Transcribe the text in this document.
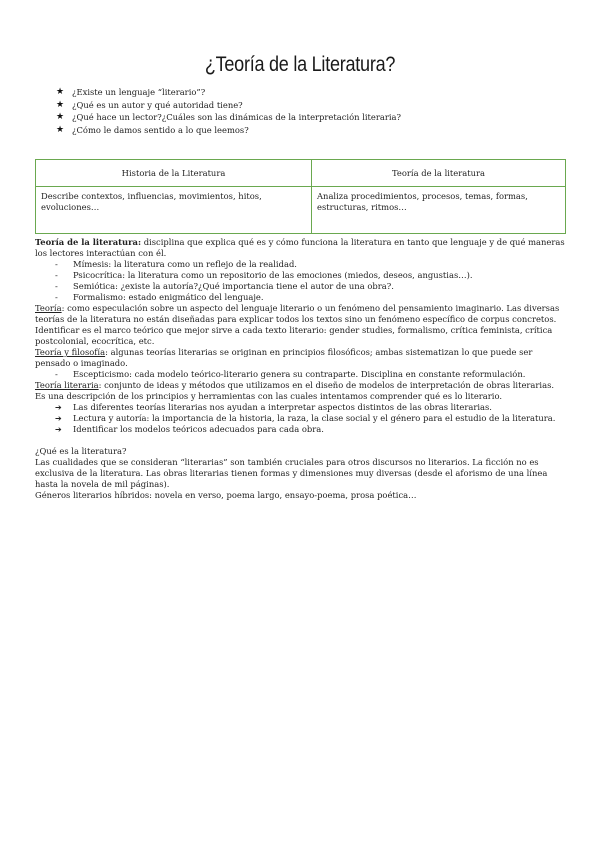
¿Teoría de la Literatura?
★ ¿Existe un lenguaje “literario”?
★ ¿Qué es un autor y qué autoridad tiene?
★ ¿Qué hace un lector?¿Cuáles son las dinámicas de la interpretación literaria?
★ ¿Cómo le damos sentido a lo que leemos?
Historia de la Literatura	Teoría de la literatura
Describe contextos, influencias, movimientos, hitos, evoluciones…	Analiza procedimientos, procesos, temas, formas, estructuras, ritmos…

Teoría de la literatura: disciplina que explica qué es y cómo funciona la literatura en tanto que lenguaje y de qué maneras los lectores interactúan con él.

- Mímesis: la literatura como un reflejo de la realidad.

- Psicocrítica: la literatura como un repositorio de las emociones (miedos, deseos, angustias…).

- Semiótica: ¿existe la autoría?¿Qué importancia tiene el autor de una obra?.

- Formalismo: estado enigmático del lenguaje.

Teoría: como especulación sobre un aspecto del lenguaje literario o un fenómeno del pensamiento imaginario. Las diversas teorías de la literatura no están diseñadas para explicar todos los textos sino un fenómeno específico de corpus concretos. Identificar es el marco teórico que mejor sirve a cada texto literario: gender studies, formalismo, crítica feminista, crítica postcolonial, ecocrítica, etc.

Teoría y filosofía: algunas teorías literarias se originan en principios filosóficos; ambas sistematizan lo que puede ser pensado o imaginado.

- Escepticismo: cada modelo teórico-literario genera su contraparte. Disciplina en constante reformulación.

Teoría literaria: conjunto de ideas y métodos que utilizamos en el diseño de modelos de interpretación de obras literarias. Es una descripción de los principios y herramientas con las cuales intentamos comprender qué es lo literario.

➔ Las diferentes teorías literarias nos ayudan a interpretar aspectos distintos de las obras literarias.

➔ Lectura y autoría: la importancia de la historia, la raza, la clase social y el género para el estudio de la literatura.

➔ Identificar los modelos teóricos adecuados para cada obra.

¿Qué es la literatura?

Las cualidades que se consideran “literarias” son también cruciales para otros discursos no literarios. La ficción no es exclusiva de la literatura. Las obras literarias tienen formas y dimensiones muy diversas (desde el aforismo de una línea hasta la novela de mil páginas).

Géneros literarios híbridos: novela en verso, poema largo, ensayo-poema, prosa poética…
